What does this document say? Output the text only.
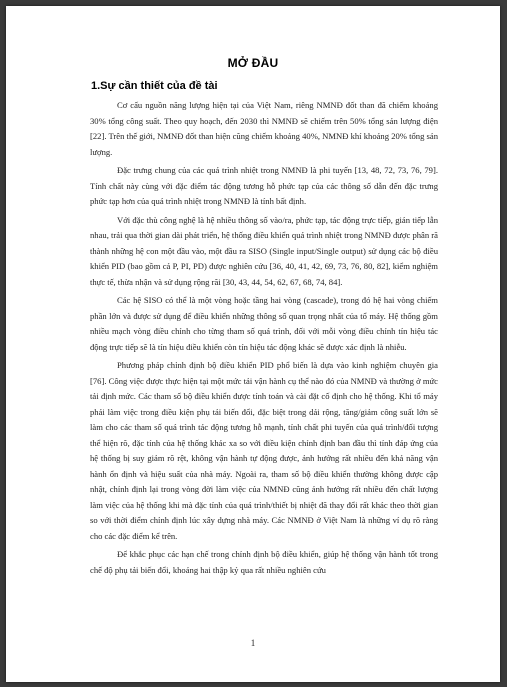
MỞ ĐẦU
1.Sự cần thiết của đề tài

Cơ cấu nguồn năng lượng hiện tại của Việt Nam, riêng NMNĐ đốt than đã chiếm khoảng 30% tổng công suất. Theo quy hoạch, đến 2030 thì NMNĐ sẽ chiếm trên 50% tổng sản lượng điện [22]. Trên thế giới, NMNĐ đốt than hiện cũng chiếm khoảng 40%, NMNĐ khí khoảng 20% tổng sản lượng.

Đặc trưng chung của các quá trình nhiệt trong NMNĐ là phi tuyến [13, 48, 72, 73, 76, 79]. Tính chất này cùng với đặc điểm tác động tương hỗ phức tạp của các thông số dẫn đến đặc trưng phức tạp hơn của quá trình nhiệt trong NMNĐ là tính bất định.

Với đặc thù công nghệ là hệ nhiều thông số vào/ra, phức tạp, tác động trực tiếp, gián tiếp lẫn nhau, trải qua thời gian dài phát triển, hệ thống điều khiển quá trình nhiệt trong NMNĐ được phân rã thành những hệ con một đầu vào, một đầu ra SISO (Single input/Single output) sử dụng các bộ điều khiển PID (bao gồm cả P, PI, PD) được nghiên cứu [36, 40, 41, 42, 69, 73, 76, 80, 82], kiểm nghiệm thực tế, thừa nhận và sử dụng rộng rãi [30, 43, 44, 54, 62, 67, 68, 74, 84].

Các hệ SISO có thể là một vòng hoặc tầng hai vòng (cascade), trong đó hệ hai vòng chiếm phần lớn và được sử dụng để điều khiển những thông số quan trọng nhất của tổ máy. Hệ thống gồm nhiều mạch vòng điều chỉnh cho từng tham số quá trình, đối với mỗi vòng điều chỉnh tín hiệu tác động trực tiếp sẽ là tín hiệu điều khiển còn tín hiệu tác động khác sẽ được xác định là nhiễu.

Phương pháp chỉnh định bộ điều khiển PID phổ biến là dựa vào kinh nghiệm chuyên gia [76]. Công việc được thực hiện tại một mức tải vận hành cụ thể nào đó của NMNĐ và thường ở mức tải định mức. Các tham số bộ điều khiển được tính toán và cài đặt cố định cho hệ thống. Khi tổ máy phải làm việc trong điều kiện phụ tải biến đổi, đặc biệt trong dải rộng, tăng/giảm công suất lớn sẽ làm cho các tham số quá trình tác động tương hỗ mạnh, tính chất phi tuyến của quá trình/đối tượng thể hiện rõ, đặc tính của hệ thống khác xa so với điều kiện chỉnh định ban đầu thì tính đáp ứng của hệ thống bị suy giảm rõ rệt, không vận hành tự động được, ảnh hưởng rất nhiều đến khả năng vận hành ổn định và hiệu suất của nhà máy. Ngoài ra, tham số bộ điều khiển thường không được cập nhật, chỉnh định lại trong vòng đời làm việc của NMNĐ cũng ảnh hưởng rất nhiều đến chất lượng làm việc của hệ thống khi mà đặc tính của quá trình/thiết bị nhiệt đã thay đổi rất khác theo thời gian so với thời điểm chỉnh định lúc xây dựng nhà máy. Các NMNĐ ở Việt Nam là những ví dụ rõ ràng cho các đặc điểm kể trên.

Để khắc phục các hạn chế trong chỉnh định bộ điều khiển, giúp hệ thống vận hành tốt trong chế độ phụ tải biến đổi, khoảng hai thập kỷ qua rất nhiều nghiên cứu

1
